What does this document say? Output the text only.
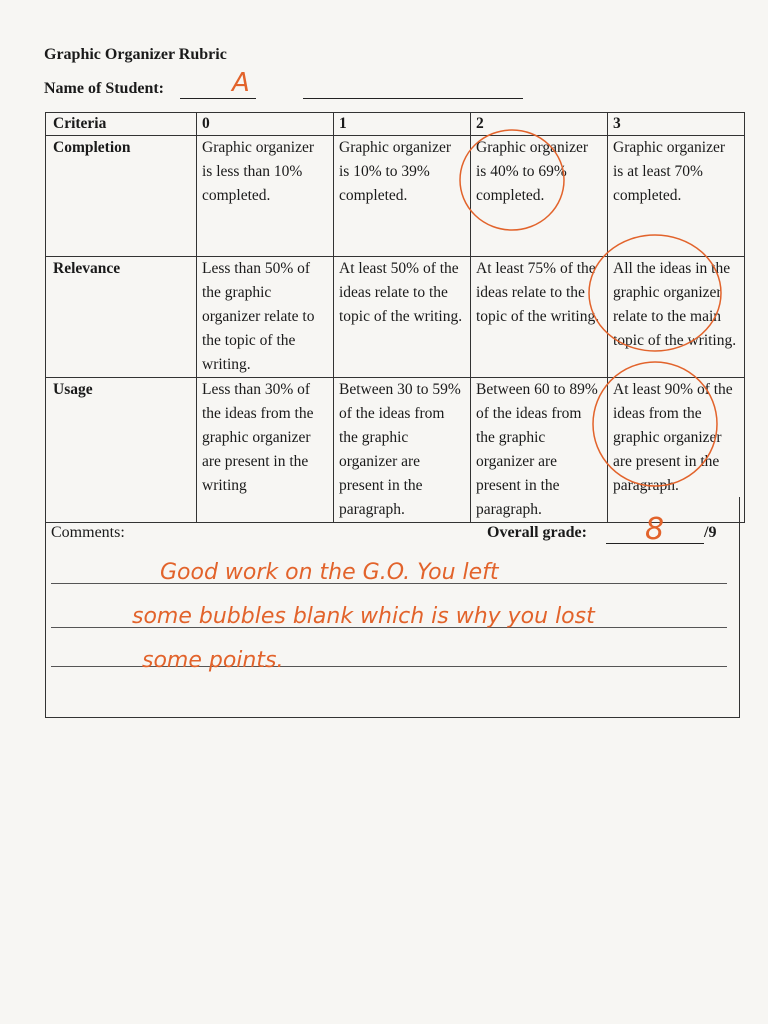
Graphic Organizer Rubric
Name of Student:	A
Criteria	0	1	2	3
Completion	Graphic organizer is less than 10% completed.	Graphic organizer is 10% to 39% completed.	Graphic organizer is 40% to 69% completed.	Graphic organizer is at least 70% completed.
Relevance	Less than 50% of the graphic organizer relate to the topic of the writing.	At least 50% of the ideas relate to the topic of the writing.	At least 75% of the ideas relate to the topic of the writing.	All the ideas in the graphic organizer relate to the main topic of the writing.
Usage	Less than 30% of the ideas from the graphic organizer are present in the writing	Between 30 to 59% of the ideas from the graphic organizer are present in the paragraph.	Between 60 to 89% of the ideas from the graphic organizer are present in the paragraph.	At least 90% of the ideas from the graphic organizer are present in the paragraph.
Comments:	Overall grade: 8 /9
Good work on the G.O. You left
some bubbles blank which is why you lost
some points.
